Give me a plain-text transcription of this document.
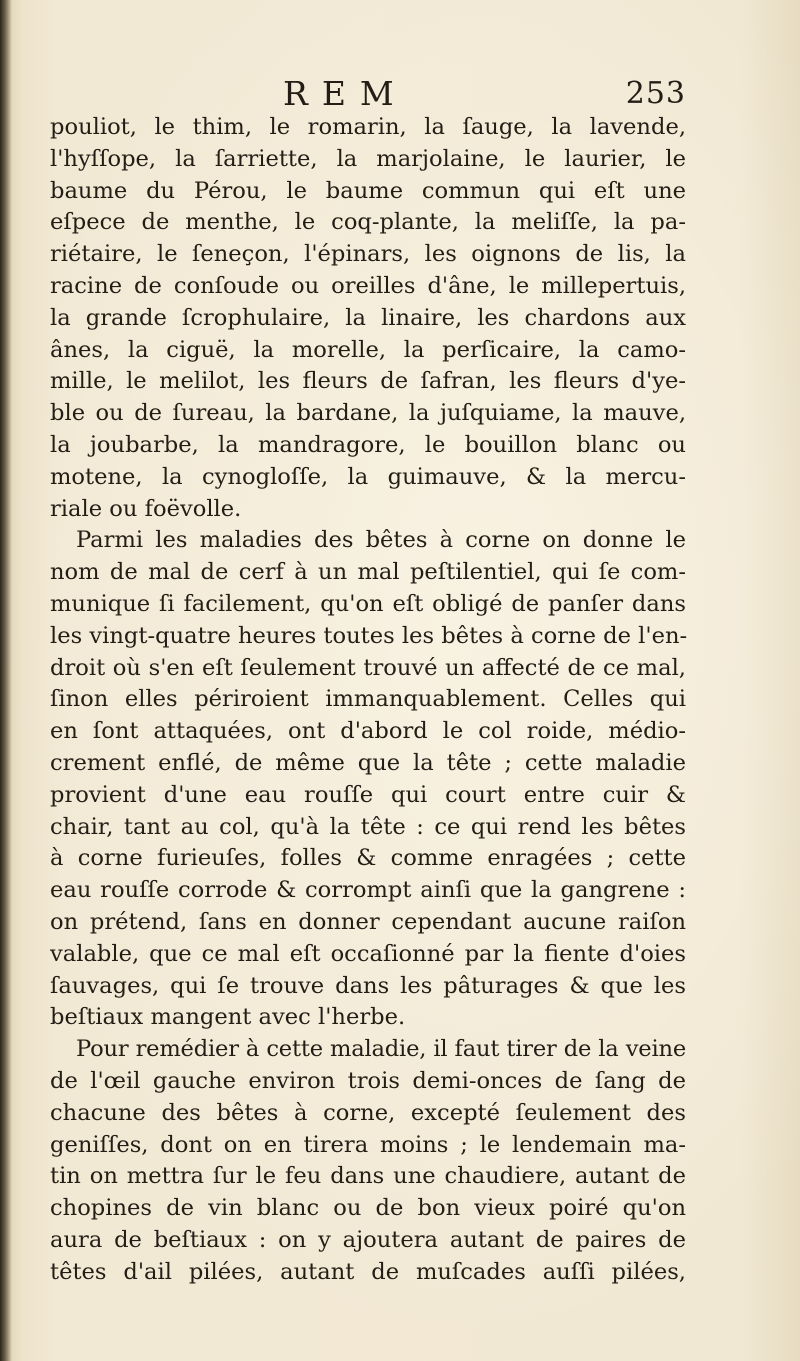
REM	253
pouliot, le thim, le romarin, la ſauge, la lavende,
l'hyſſope, la ſarriette, la marjolaine, le laurier, le
baume du Pérou, le baume commun qui eſt une
eſpece de menthe, le coq-plante, la meliſſe, la pa-
riétaire, le ſeneçon, l'épinars, les oignons de lis, la
racine de conſoude ou oreilles d'âne, le millepertuis,
la grande ſcrophulaire, la linaire, les chardons aux
ânes, la ciguë, la morelle, la perſicaire, la camo-
mille, le melilot, les fleurs de ſafran, les fleurs d'ye-
ble ou de ſureau, la bardane, la juſquiame, la mauve,
la joubarbe, la mandragore, le bouillon blanc ou
motene, la cynogloſſe, la guimauve, & la mercu-
riale ou foëvolle.
Parmi les maladies des bêtes à corne on donne le
nom de mal de cerf à un mal peſtilentiel, qui ſe com-
munique ſi facilement, qu'on eſt obligé de panſer dans
les vingt-quatre heures toutes les bêtes à corne de l'en-
droit où s'en eſt ſeulement trouvé un affecté de ce mal,
ſinon elles périroient immanquablement. Celles qui
en ſont attaquées, ont d'abord le col roide, médio-
crement enflé, de même que la tête ; cette maladie
provient d'une eau rouſſe qui court entre cuir &
chair, tant au col, qu'à la tête : ce qui rend les bêtes
à corne furieuſes, folles & comme enragées ; cette
eau rouſſe corrode & corrompt ainſi que la gangrene :
on prétend, ſans en donner cependant aucune raiſon
valable, que ce mal eſt occaſionné par la fiente d'oies
ſauvages, qui ſe trouve dans les pâturages & que les
beſtiaux mangent avec l'herbe.
Pour remédier à cette maladie, il faut tirer de la veine
de l'œil gauche environ trois demi-onces de ſang de
chacune des bêtes à corne, excepté ſeulement des
geniſſes, dont on en tirera moins ; le lendemain ma-
tin on mettra ſur le feu dans une chaudiere, autant de
chopines de vin blanc ou de bon vieux poiré qu'on
aura de beſtiaux : on y ajoutera autant de paires de
têtes d'ail pilées, autant de muſcades auſſi pilées,
